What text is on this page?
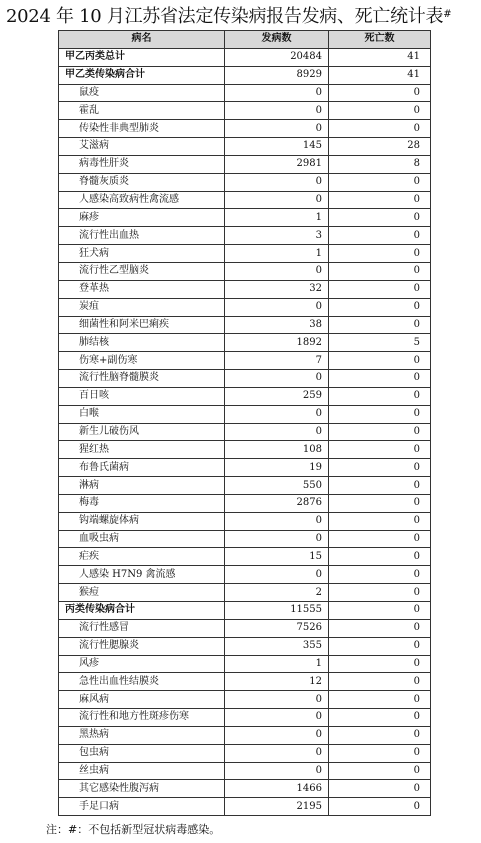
2024 年 10 月江苏省法定传染病报告发病、死亡统计表#
病名	发病数	死亡数
甲乙丙类总计	20484	41
甲乙类传染病合计	8929	41
鼠疫	0	0
霍乱	0	0
传染性非典型肺炎	0	0
艾滋病	145	28
病毒性肝炎	2981	8
脊髓灰质炎	0	0
人感染高致病性禽流感	0	0
麻疹	1	0
流行性出血热	3	0
狂犬病	1	0
流行性乙型脑炎	0	0
登革热	32	0
炭疽	0	0
细菌性和阿米巴痢疾	38	0
肺结核	1892	5
伤寒+副伤寒	7	0
流行性脑脊髓膜炎	0	0
百日咳	259	0
白喉	0	0
新生儿破伤风	0	0
猩红热	108	0
布鲁氏菌病	19	0
淋病	550	0
梅毒	2876	0
钩端螺旋体病	0	0
血吸虫病	0	0
疟疾	15	0
人感染 H7N9 禽流感	0	0
猴痘	2	0
丙类传染病合计	11555	0
流行性感冒	7526	0
流行性腮腺炎	355	0
风疹	1	0
急性出血性结膜炎	12	0
麻风病	0	0
流行性和地方性斑疹伤寒	0	0
黑热病	0	0
包虫病	0	0
丝虫病	0	0
其它感染性腹泻病	1466	0
手足口病	2195	0
注：#：不包括新型冠状病毒感染。
